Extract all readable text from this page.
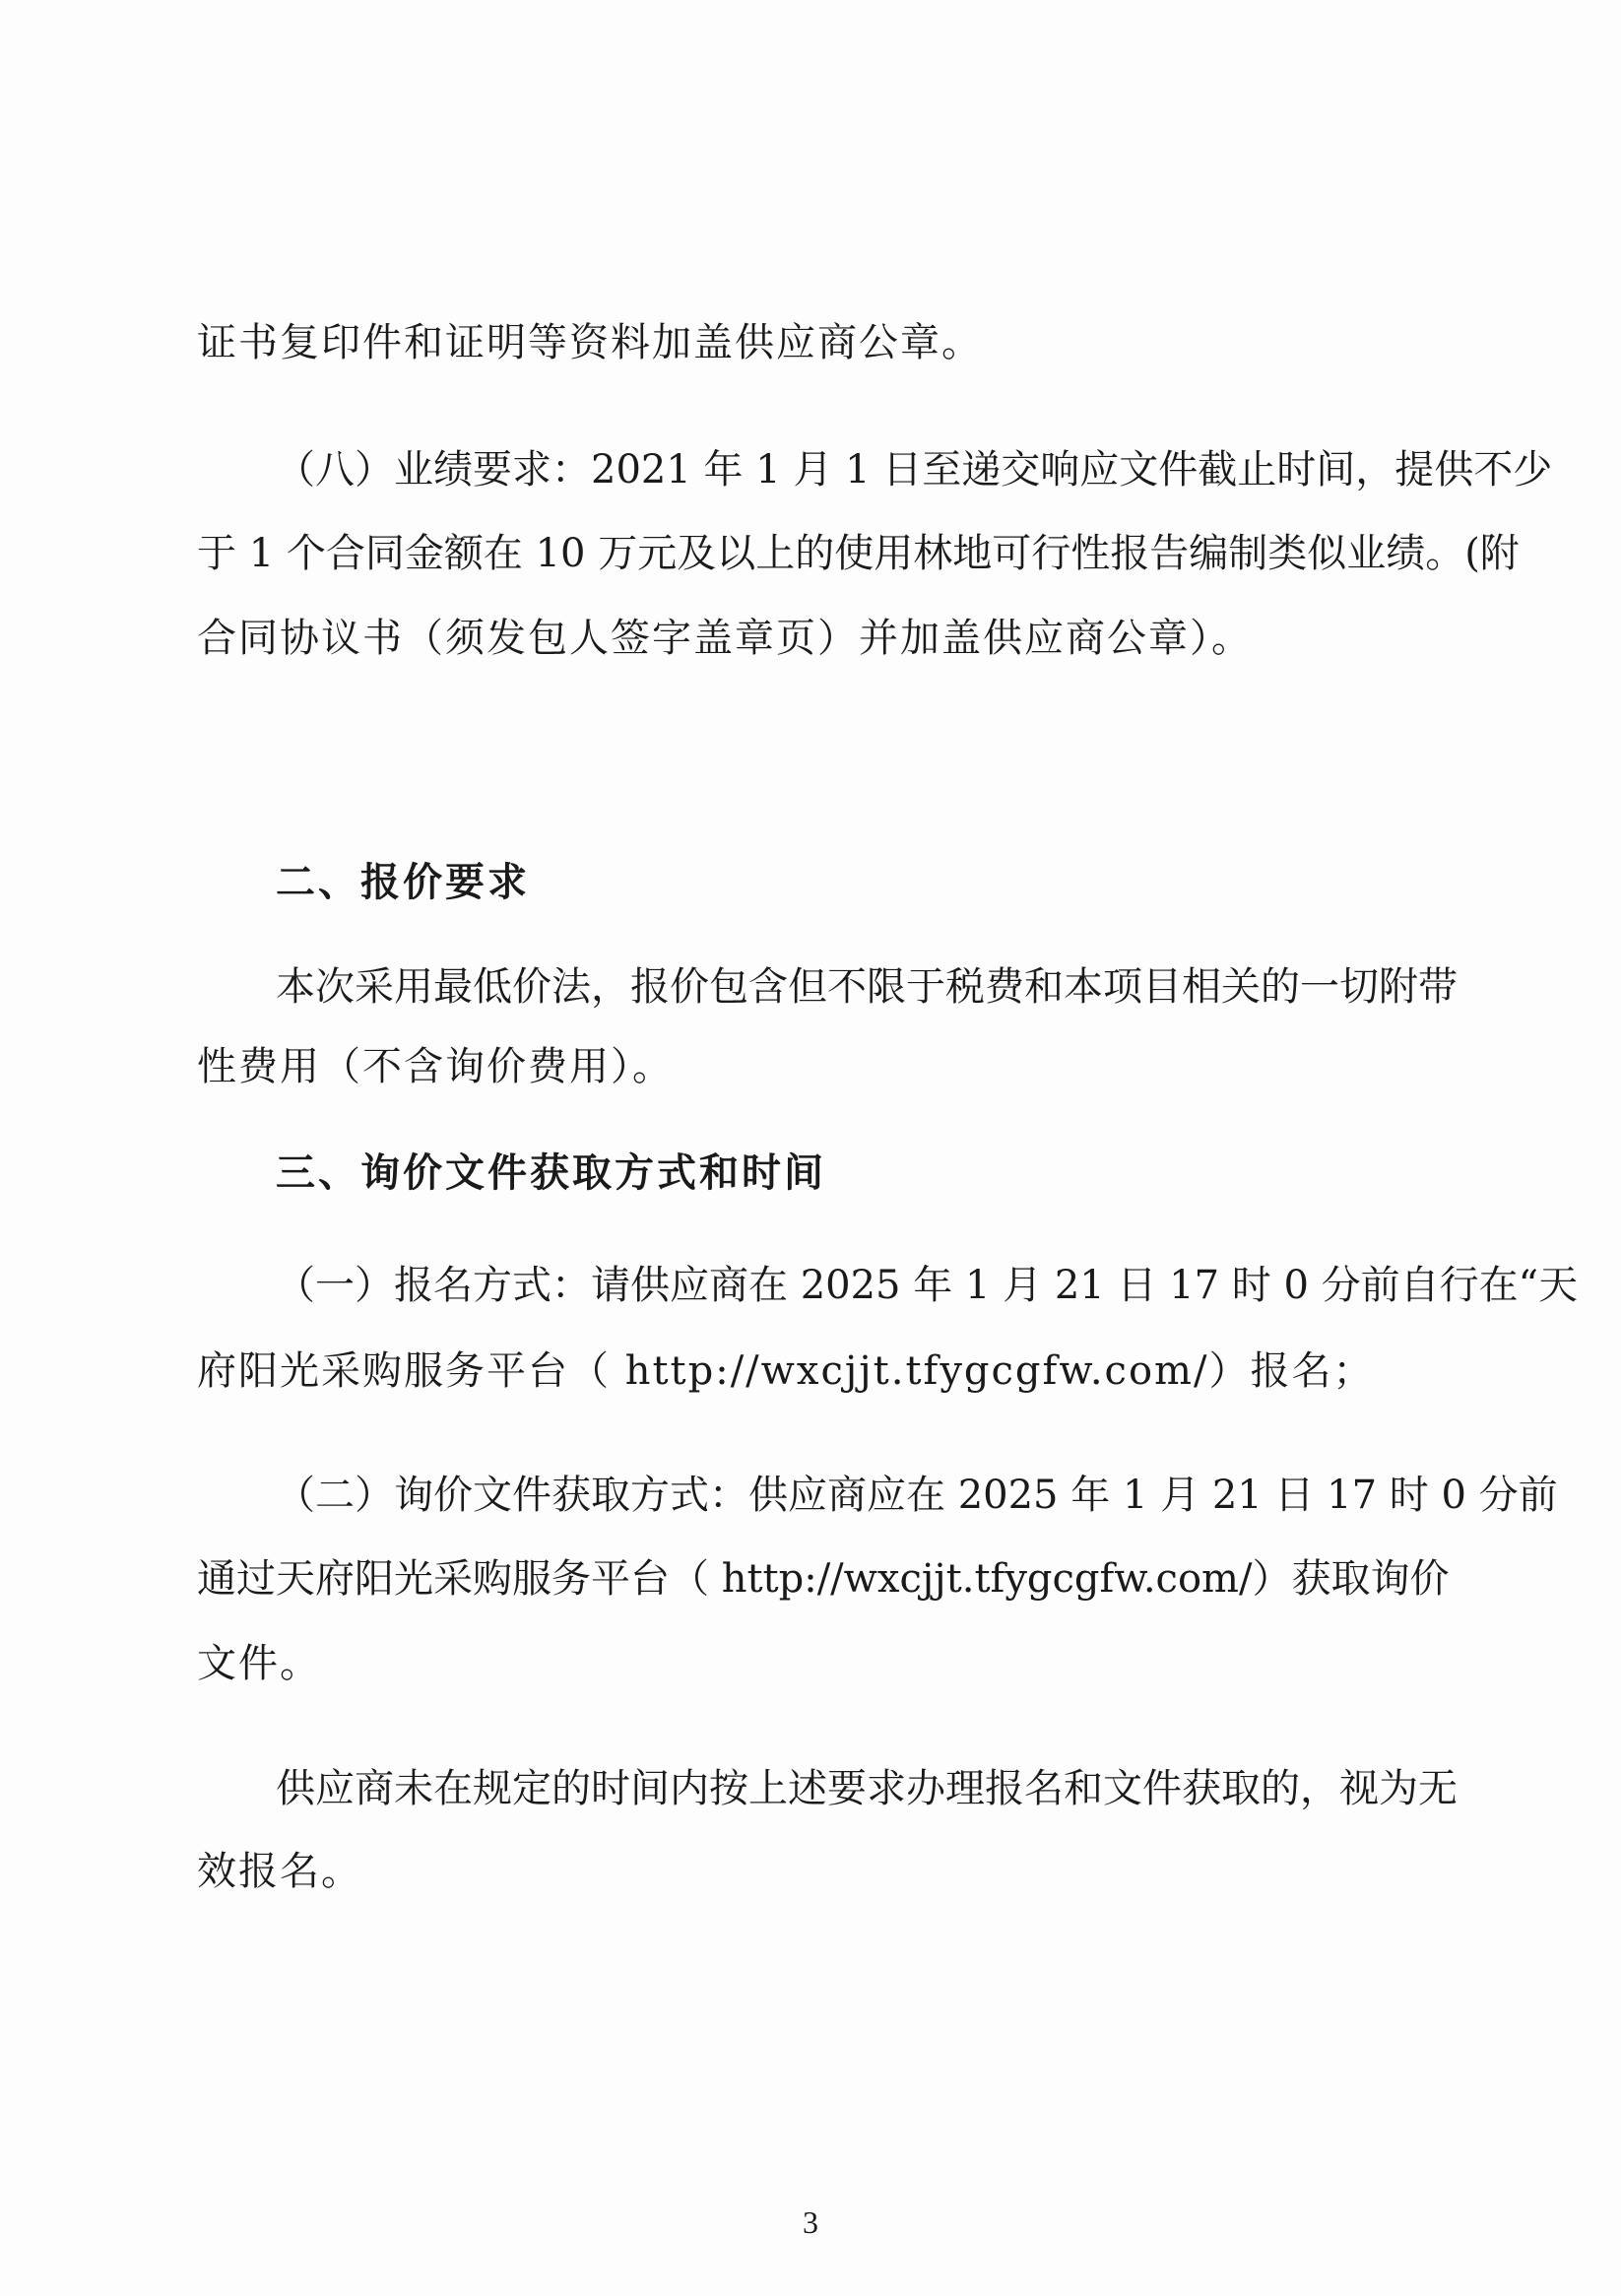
证书复印件和证明等资料加盖供应商公章。
（八）业绩要求：2021 年 1 月 1 日至递交响应文件截止时间，提供不少
于 1 个合同金额在 10 万元及以上的使用林地可行性报告编制类似业绩。(附
合同协议书（须发包人签字盖章页）并加盖供应商公章）。
二、报价要求
本次采用最低价法，报价包含但不限于税费和本项目相关的一切附带
性费用（不含询价费用）。
三、询价文件获取方式和时间
（一）报名方式：请供应商在 2025 年 1 月 21 日 17 时 0 分前自行在“天
府阳光采购服务平台（ http://wxcjjt.tfygcgfw.com/）报名；
（二）询价文件获取方式：供应商应在 2025 年 1 月 21 日 17 时 0 分前
通过天府阳光采购服务平台（ http://wxcjjt.tfygcgfw.com/）获取询价
文件。
供应商未在规定的时间内按上述要求办理报名和文件获取的，视为无
效报名。
3
